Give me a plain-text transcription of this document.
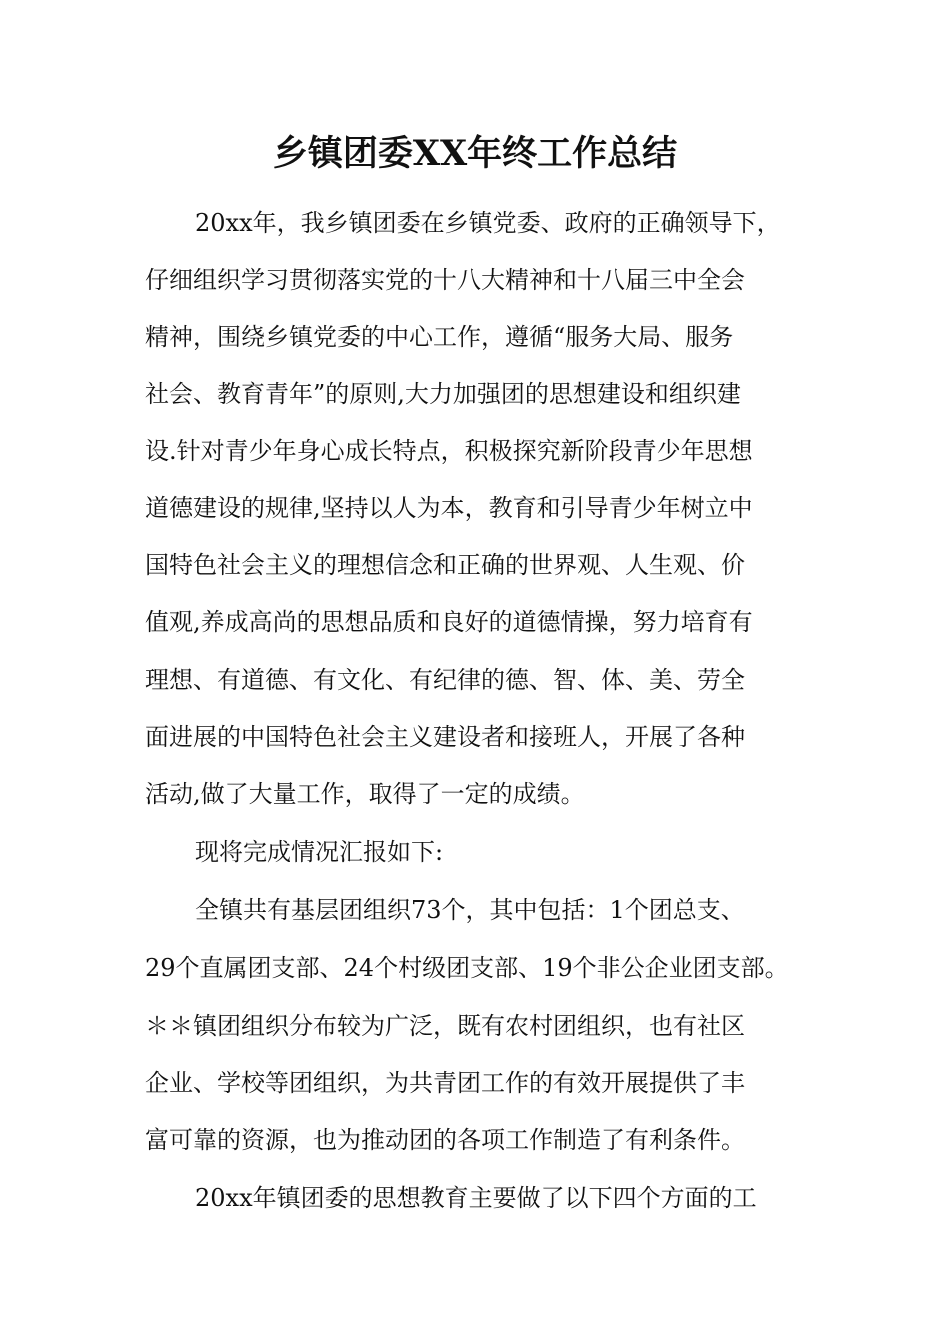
乡镇团委XX年终工作总结

20xx年，我乡镇团委在乡镇党委、政府的正确领导下，

仔细组织学习贯彻落实党的十八大精神和十八届三中全会

精神，围绕乡镇党委的中心工作，遵循“服务大局、服务

社会、教育青年”的原则,大力加强团的思想建设和组织建

设.针对青少年身心成长特点，积极探究新阶段青少年思想

道德建设的规律,坚持以人为本，教育和引导青少年树立中

国特色社会主义的理想信念和正确的世界观、人生观、价

值观,养成高尚的思想品质和良好的道德情操，努力培育有

理想、有道德、有文化、有纪律的德、智、体、美、劳全

面进展的中国特色社会主义建设者和接班人，开展了各种

活动,做了大量工作，取得了一定的成绩。

现将完成情况汇报如下:

全镇共有基层团组织73个，其中包括：1个团总支、

29个直属团支部、24个村级团支部、19个非公企业团支部。

＊＊镇团组织分布较为广泛，既有农村团组织，也有社区

企业、学校等团组织，为共青团工作的有效开展提供了丰

富可靠的资源，也为推动团的各项工作制造了有利条件。

20xx年镇团委的思想教育主要做了以下四个方面的工
